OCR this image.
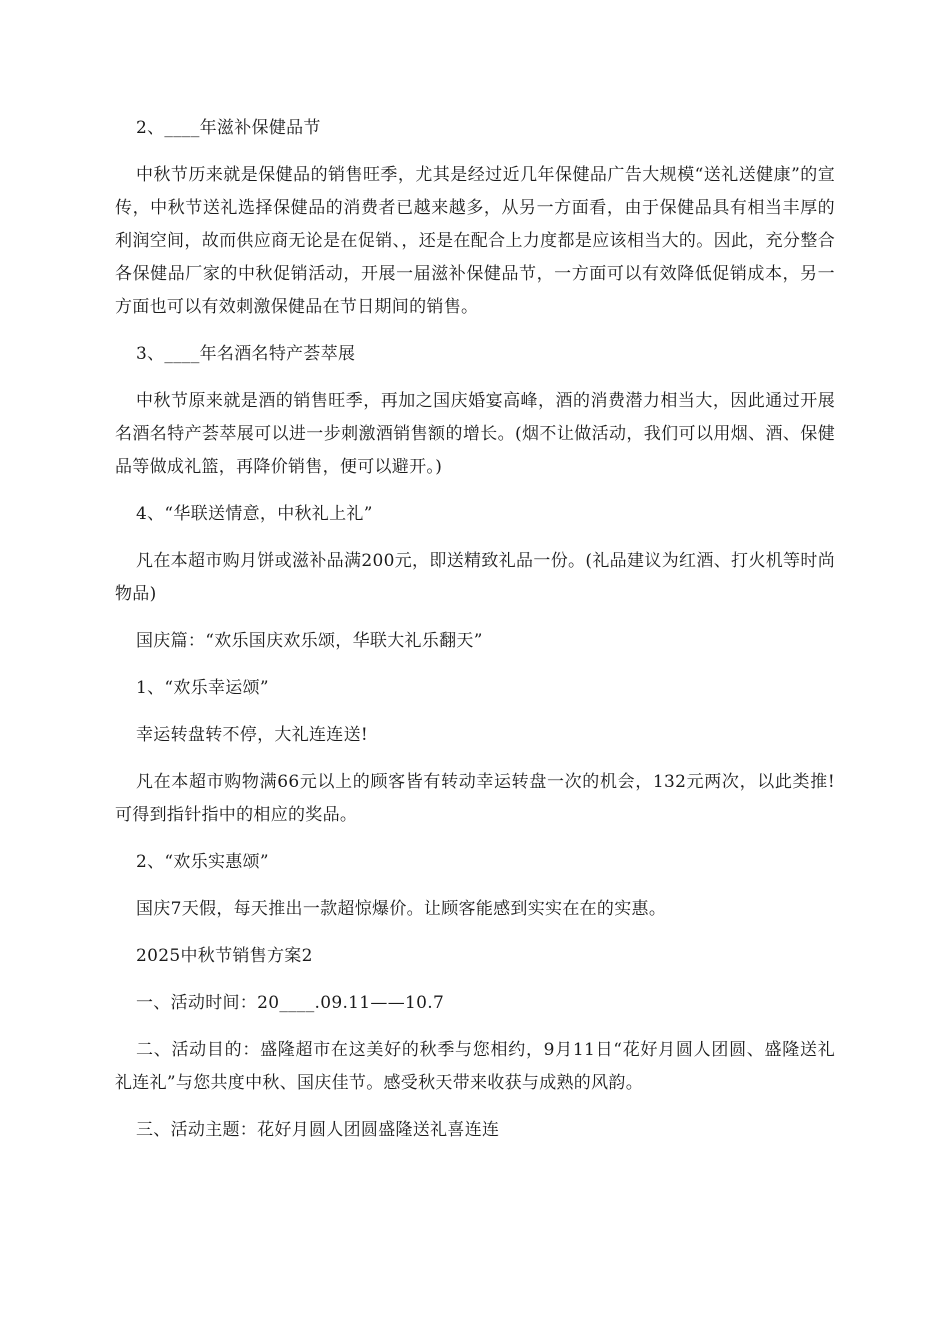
2、____年滋补保健品节

中秋节历来就是保健品的销售旺季，尤其是经过近几年保健品广告大规模“送礼送健康”的宣传，中秋节送礼选择保健品的消费者已越来越多，从另一方面看，由于保健品具有相当丰厚的利润空间，故而供应商无论是在促销、，还是在配合上力度都是应该相当大的。因此，充分整合各保健品厂家的中秋促销活动，开展一届滋补保健品节，一方面可以有效降低促销成本，另一方面也可以有效刺激保健品在节日期间的销售。

3、____年名酒名特产荟萃展

中秋节原来就是酒的销售旺季，再加之国庆婚宴高峰，酒的消费潜力相当大，因此通过开展名酒名特产荟萃展可以进一步刺激酒销售额的增长。(烟不让做活动，我们可以用烟、酒、保健品等做成礼篮，再降价销售，便可以避开。)

4、“华联送情意，中秋礼上礼”

凡在本超市购月饼或滋补品满200元，即送精致礼品一份。(礼品建议为红酒、打火机等时尚物品)

国庆篇：“欢乐国庆欢乐颂，华联大礼乐翻天”

1、“欢乐幸运颂”

幸运转盘转不停，大礼连连送!

凡在本超市购物满66元以上的顾客皆有转动幸运转盘一次的机会，132元两次，以此类推!可得到指针指中的相应的奖品。

2、“欢乐实惠颂”

国庆7天假，每天推出一款超惊爆价。让顾客能感到实实在在的实惠。

2025中秋节销售方案2

一、活动时间：20____.09.11——10.7

二、活动目的：盛隆超市在这美好的秋季与您相约，9月11日“花好月圆人团圆、盛隆送礼礼连礼”与您共度中秋、国庆佳节。感受秋天带来收获与成熟的风韵。

三、活动主题：花好月圆人团圆盛隆送礼喜连连
